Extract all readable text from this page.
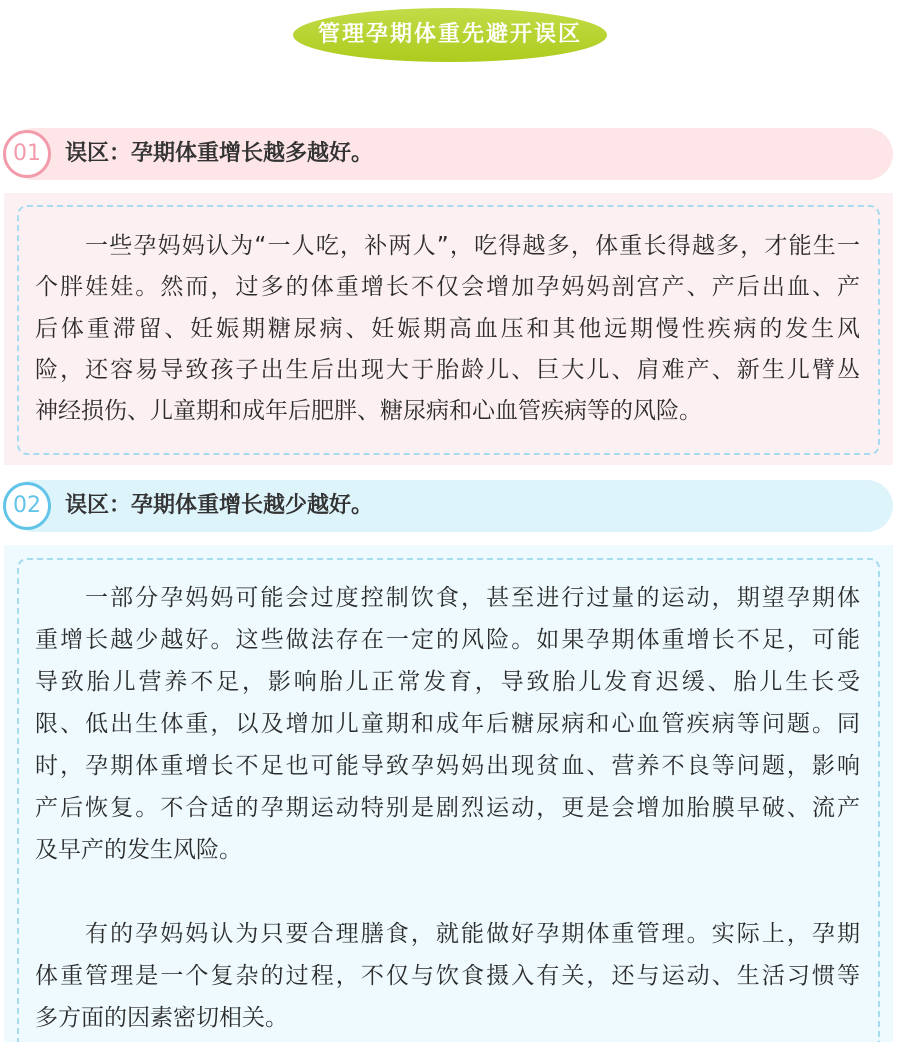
管理孕期体重先避开误区
01	误区：孕期体重增长越多越好。
一些孕妈妈认为“一人吃，补两人”，吃得越多，体重长得越多，才能生一
个胖娃娃。然而，过多的体重增长不仅会增加孕妈妈剖宫产、产后出血、产
后体重滞留、妊娠期糖尿病、妊娠期高血压和其他远期慢性疾病的发生风
险，还容易导致孩子出生后出现大于胎龄儿、巨大儿、肩难产、新生儿臂丛
神经损伤、儿童期和成年后肥胖、糖尿病和心血管疾病等的风险。
02	误区：孕期体重增长越少越好。
一部分孕妈妈可能会过度控制饮食，甚至进行过量的运动，期望孕期体
重增长越少越好。这些做法存在一定的风险。如果孕期体重增长不足，可能
导致胎儿营养不足，影响胎儿正常发育，导致胎儿发育迟缓、胎儿生长受
限、低出生体重，以及增加儿童期和成年后糖尿病和心血管疾病等问题。同
时，孕期体重增长不足也可能导致孕妈妈出现贫血、营养不良等问题，影响
产后恢复。不合适的孕期运动特别是剧烈运动，更是会增加胎膜早破、流产
及早产的发生风险。
有的孕妈妈认为只要合理膳食，就能做好孕期体重管理。实际上，孕期
体重管理是一个复杂的过程，不仅与饮食摄入有关，还与运动、生活习惯等
多方面的因素密切相关。
